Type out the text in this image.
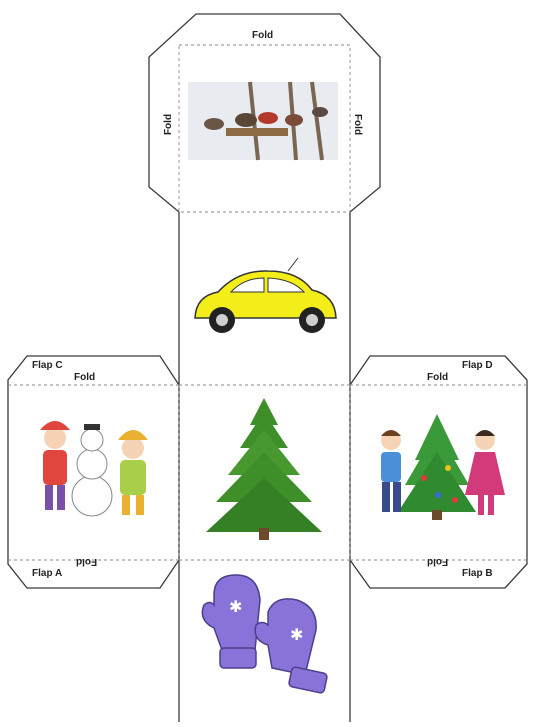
✱
✱
Fold
Fold	Fold
Flap C
Fold
Fold
Flap A
Flap D
Fold
Fold
Flap B
